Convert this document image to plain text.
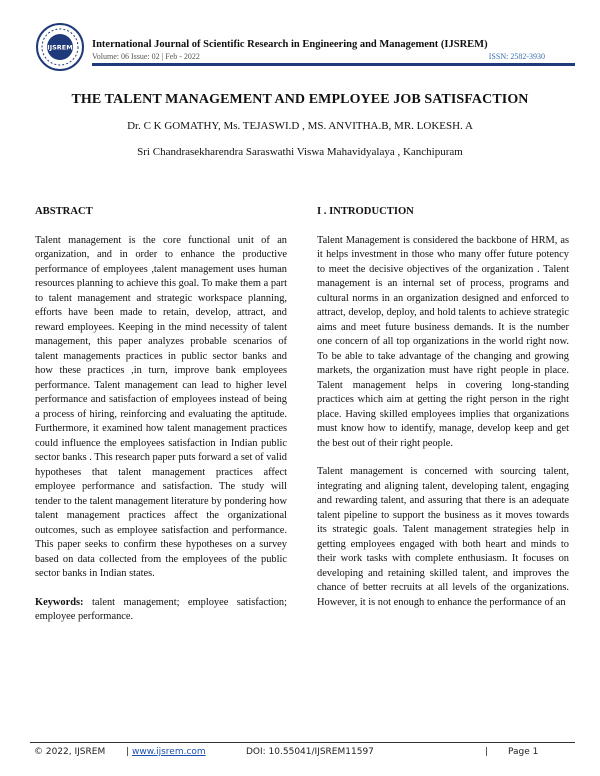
IJSREM International Journal of Scientific Research in Engineering and Management (IJSREM)
Volume: 06 Issue: 02 | Feb - 2022	ISSN: 2582-3930
THE TALENT MANAGEMENT AND EMPLOYEE JOB SATISFACTION
Dr. C K GOMATHY, Ms. TEJASWI.D , MS. ANVITHA.B, MR. LOKESH. A
Sri Chandrasekharendra Saraswathi Viswa Mahavidyalaya , Kanchipuram
ABSTRACT

Talent management is the core functional unit of an organization, and in order to enhance the productive performance of employees ,talent management uses human resources planning to achieve this goal. To make them a part to talent management and strategic workspace planning, efforts have been made to retain, develop, attract, and reward employees. Keeping in the mind necessity of talent management, this paper analyzes probable scenarios of talent managements practices in public sector banks and how these practices ,in turn, improve bank employees performance. Talent management can lead to higher level performance and satisfaction of employees instead of being a process of hiring, reinforcing and evaluating the aptitude. Furthermore, it examined how talent management practices could influence the employees satisfaction in Indian public sector banks . This research paper puts forward a set of valid hypotheses that talent management practices affect employee performance and satisfaction. The study will tender to the talent management literature by pondering how talent management practices affect the organizational outcomes, such as employee satisfaction and performance. This paper seeks to confirm these hypotheses on a survey based on data collected from the employees of the public sector banks in Indian states.

Keywords: talent management; employee satisfaction; employee performance.

I . INTRODUCTION

Talent Management is considered the backbone of HRM, as it helps investment in those who many offer future potency to meet the decisive objectives of the organization . Talent management is an internal set of process, programs and cultural norms in an organization designed and enforced to attract, develop, deploy, and hold talents to achieve strategic aims and meet future business demands. It is the number one concern of all top organizations in the world right now. To be able to take advantage of the changing and growing markets, the organization must have right people in place. Talent management helps in covering long-standing practices which aim at getting the right person in the right place. Having skilled employees implies that organizations must know how to identify, manage, develop keep and get the best out of their right people.

Talent management is concerned with sourcing talent, integrating and aligning talent, developing talent, engaging and rewarding talent, and assuring that there is an adequate talent pipeline to support the business as it moves towards its strategic goals. Talent management strategies help in getting employees engaged with both heart and minds to their work tasks with complete enthusiasm. It focuses on developing and retaining skilled talent, and improves the chance of better recruits at all levels of the organizations. However, it is not enough to enhance the performance of an

© 2022, IJSREM | www.ijsrem.com	DOI: 10.55041/IJSREM11597	| Page 1
